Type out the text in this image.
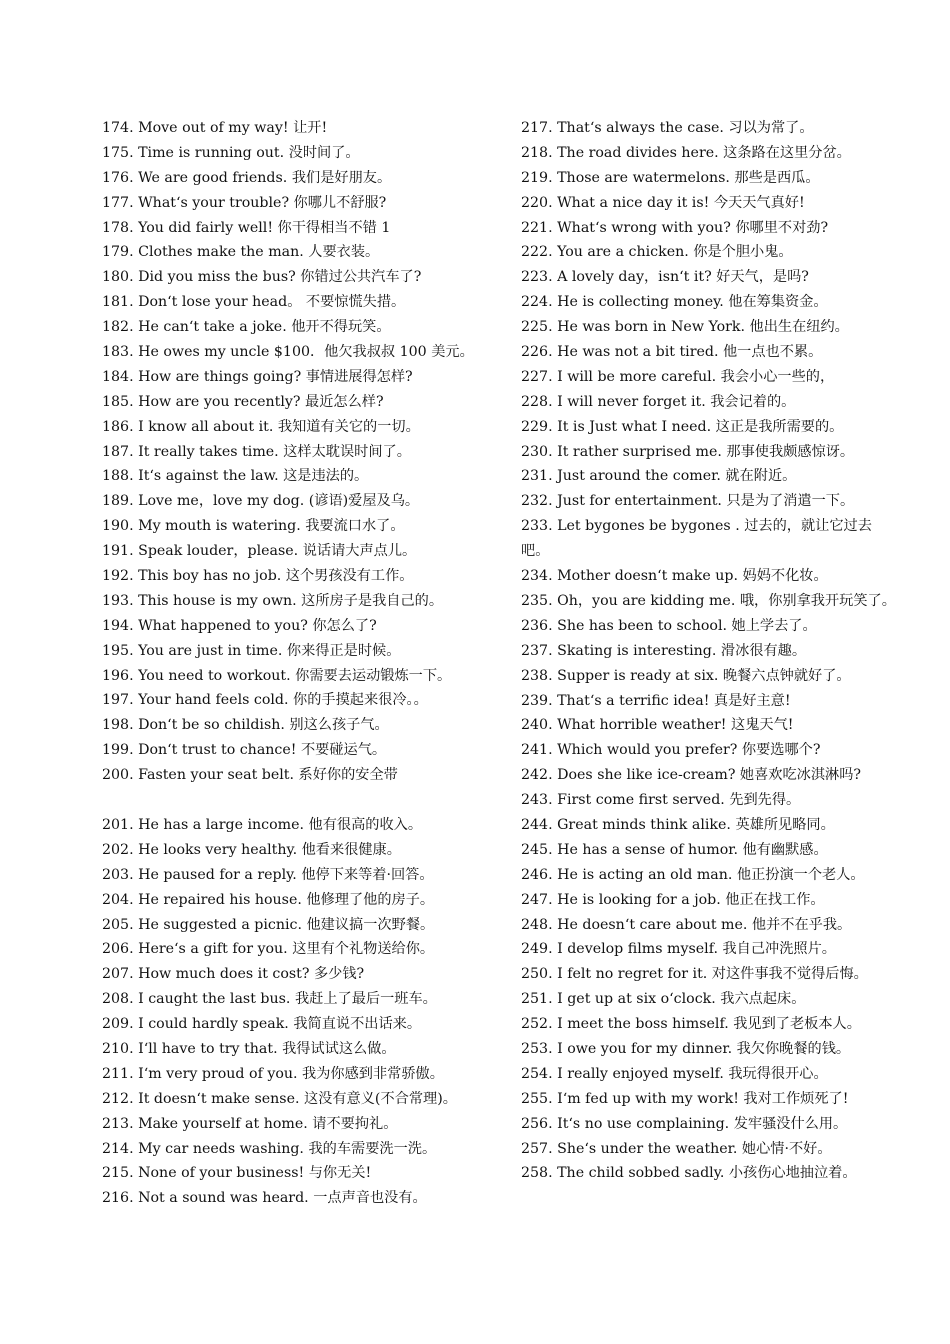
174. Move out of my way! 让开!
175. Time is running out. 没时间了。
176. We are good friends. 我们是好朋友。
177. What‘s your trouble? 你哪儿不舒服?
178. You did fairly well! 你干得相当不错 1
179. Clothes make the man. 人要衣装。
180. Did you miss the bus? 你错过公共汽车了?
181. Don‘t lose your head。 不要惊慌失措。
182. He can‘t take a joke. 他开不得玩笑。
183. He owes my uncle $100．他欠我叔叔 100 美元。
184. How are things going? 事情进展得怎样?
185. How are you recently? 最近怎么样?
186. I know all about it. 我知道有关它的一切。
187. It really takes time. 这样太耽误时间了。
188. It‘s against the law. 这是违法的。
189. Love me，love my dog. (谚语)爱屋及乌。
190. My mouth is watering. 我要流口水了。
191. Speak louder，please. 说话请大声点儿。
192. This boy has no job. 这个男孩没有工作。
193. This house is my own. 这所房子是我自己的。
194. What happened to you? 你怎么了?
195. You are just in time. 你来得正是时候。
196. You need to workout. 你需要去运动锻炼一下。
197. Your hand feels cold. 你的手摸起来很冷。。
198. Don‘t be so childish. 别这么孩子气。
199. Don‘t trust to chance! 不要碰运气。
200. Fasten your seat belt. 系好你的安全带
201. He has a large income. 他有很高的收入。
202. He looks very healthy. 他看来很健康。
203. He paused for a reply. 他停下来等着·回答。
204. He repaired his house. 他修理了他的房子。
205. He suggested a picnic. 他建议搞一次野餐。
206. Here‘s a gift for you. 这里有个礼物送给你。
207. How much does it cost? 多少钱?
208. I caught the last bus. 我赶上了最后一班车。
209. I could hardly speak. 我简直说不出话来。
210. I‘ll have to try that. 我得试试这么做。
211. I‘m very proud of you. 我为你感到非常骄傲。
212. It doesn‘t make sense. 这没有意义(不合常理)。
213. Make yourself at home. 请不要拘礼。
214. My car needs washing. 我的车需要洗一洗。
215. None of your business! 与你无关!
216. Not a sound was heard. 一点声音也没有。
217. That‘s always the case. 习以为常了。
218. The road divides here. 这条路在这里分岔。
219. Those are watermelons. 那些是西瓜。
220. What a nice day it is! 今天天气真好!
221. What‘s wrong with you? 你哪里不对劲?
222. You are a chicken. 你是个胆小鬼。
223. A lovely day，isn‘t it? 好天气，是吗?
224. He is collecting money. 他在筹集资金。
225. He was born in New York. 他出生在纽约。
226. He was not a bit tired. 他一点也不累。
227. I will be more careful. 我会小心一些的，
228. I will never forget it. 我会记着的。
229. It is Just what I need. 这正是我所需要的。
230. It rather surprised me. 那事使我颇感惊讶。
231. Just around the comer. 就在附近。
232. Just for entertainment. 只是为了消遣一下。
233. Let bygones be bygones . 过去的，就让它过去吧。
234. Mother doesn‘t make up. 妈妈不化妆。
235. Oh，you are kidding me. 哦，你别拿我开玩笑了。
236. She has been to school. 她上学去了。
237. Skating is interesting. 滑冰很有趣。
238. Supper is ready at six. 晚餐六点钟就好了。
239. That‘s a terrific idea! 真是好主意!
240. What horrible weather! 这鬼天气!
241. Which would you prefer? 你要选哪个?
242. Does she like ice-cream? 她喜欢吃冰淇淋吗?
243. First come first served. 先到先得。
244. Great minds think alike. 英雄所见略同。
245. He has a sense of humor. 他有幽默感。
246. He is acting an old man. 他正扮演一个老人。
247. He is looking for a job. 他正在找工作。
248. He doesn‘t care about me. 他并不在乎我。
249. I develop films myself. 我自己冲洗照片。
250. I felt no regret for it. 对这件事我不觉得后悔。
251. I get up at six o‘clock. 我六点起床。
252. I meet the boss himself. 我见到了老板本人。
253. I owe you for my dinner. 我欠你晚餐的钱。
254. I really enjoyed myself. 我玩得很开心。
255. I‘m fed up with my work! 我对工作烦死了!
256. It‘s no use complaining. 发牢骚没什么用。
257. She‘s under the weather. 她心情·不好。
258. The child sobbed sadly. 小孩伤心地抽泣着。
